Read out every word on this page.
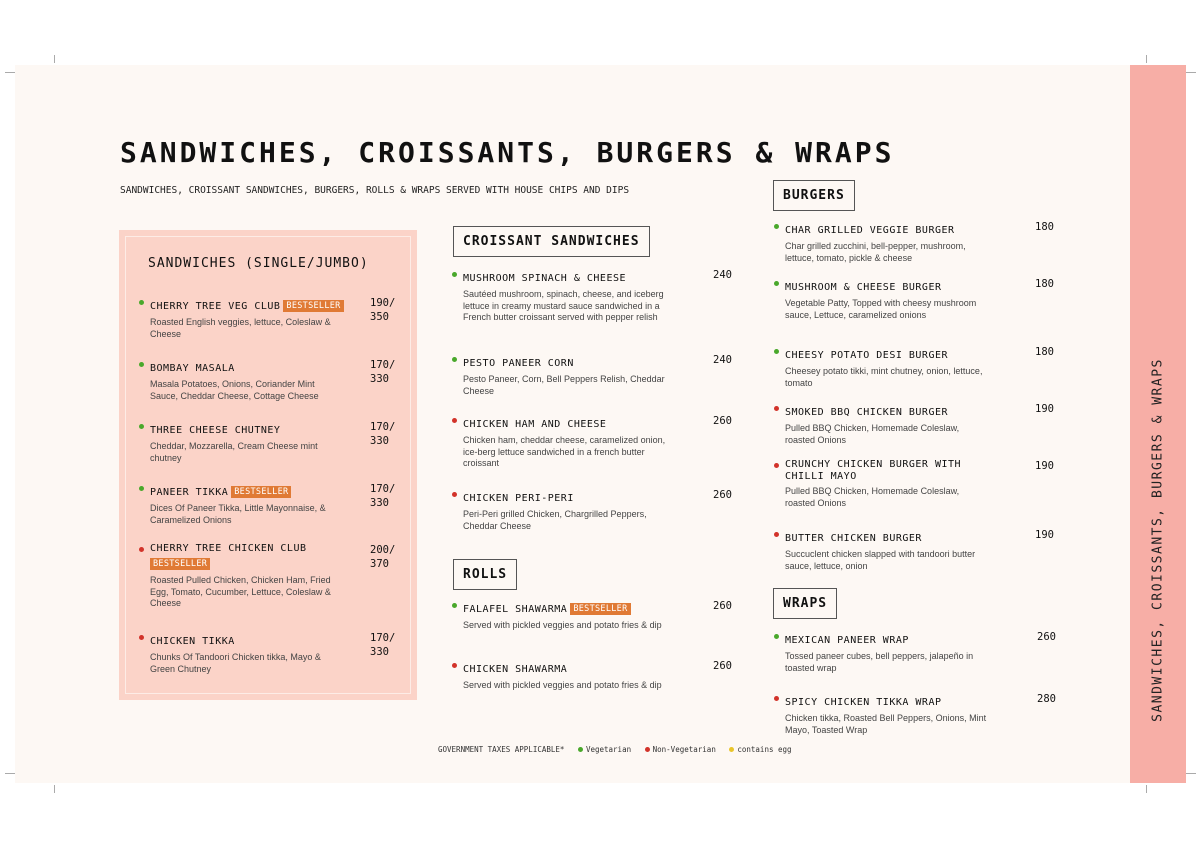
SANDWICHES, CROISSANTS, BURGERS & WRAPS
SANDWICHES, CROISSANTS, BURGERS & WRAPS
SANDWICHES, CROISSANT SANDWICHES, BURGERS, ROLLS & WRAPS SERVED WITH HOUSE CHIPS AND DIPS
SANDWICHES (SINGLE/JUMBO)
CROISSANT SANDWICHES
ROLLS
BURGERS
WRAPS
CHERRY TREE VEG CLUB BESTSELLER	190/
350
Roasted English veggies, lettuce, Coleslaw & Cheese
BOMBAY MASALA	170/
330
Masala Potatoes, Onions, Coriander Mint Sauce, Cheddar Cheese, Cottage Cheese
THREE CHEESE CHUTNEY	170/
330
Cheddar, Mozzarella, Cream Cheese mint chutney
PANEER TIKKA BESTSELLER	170/
330
Dices Of Paneer Tikka, Little Mayonnaise, & Caramelized Onions
CHERRY TREE CHICKEN CLUB
BESTSELLER
200/
370
Roasted Pulled Chicken, Chicken Ham, Fried Egg, Tomato, Cucumber, Lettuce, Coleslaw & Cheese
CHICKEN TIKKA	170/
330
Chunks Of Tandoori Chicken tikka, Mayo & Green Chutney
MUSHROOM SPINACH & CHEESE	240
Sautéed mushroom, spinach, cheese, and iceberg lettuce in creamy mustard sauce sandwiched in a French butter croissant served with pepper relish
PESTO PANEER CORN	240
Pesto Paneer, Corn, Bell Peppers Relish, Cheddar Cheese
CHICKEN HAM AND CHEESE	260
Chicken ham, cheddar cheese, caramelized onion, ice-berg lettuce sandwiched in a french butter croissant
CHICKEN PERI-PERI	260
Peri-Peri grilled Chicken, Chargrilled Peppers, Cheddar Cheese
FALAFEL SHAWARMA BESTSELLER	260
Served with pickled veggies and potato fries & dip
CHICKEN SHAWARMA	260
Served with pickled veggies and potato fries & dip
CHAR GRILLED VEGGIE BURGER	180
Char grilled zucchini, bell-pepper, mushroom, lettuce, tomato, pickle & cheese
MUSHROOM & CHEESE BURGER	180
Vegetable Patty, Topped with cheesy mushroom sauce, Lettuce, caramelized onions
CHEESY POTATO DESI BURGER	180
Cheesey potato tikki, mint chutney, onion, lettuce, tomato
SMOKED BBQ CHICKEN BURGER	190
Pulled BBQ Chicken, Homemade Coleslaw, roasted Onions
CRUNCHY CHICKEN BURGER WITH CHILLI MAYO
190
Pulled BBQ Chicken, Homemade Coleslaw, roasted Onions
BUTTER CHICKEN BURGER	190
Succuclent chicken slapped with tandoori butter sauce, lettuce, onion
MEXICAN PANEER WRAP	260
Tossed paneer cubes, bell peppers, jalapeño in toasted wrap
SPICY CHICKEN TIKKA WRAP	280
Chicken tikka, Roasted Bell Peppers, Onions, Mint Mayo, Toasted Wrap
GOVERNMENT TAXES APPLICABLE*	Vegetarian	Non-Vegetarian	contains egg
